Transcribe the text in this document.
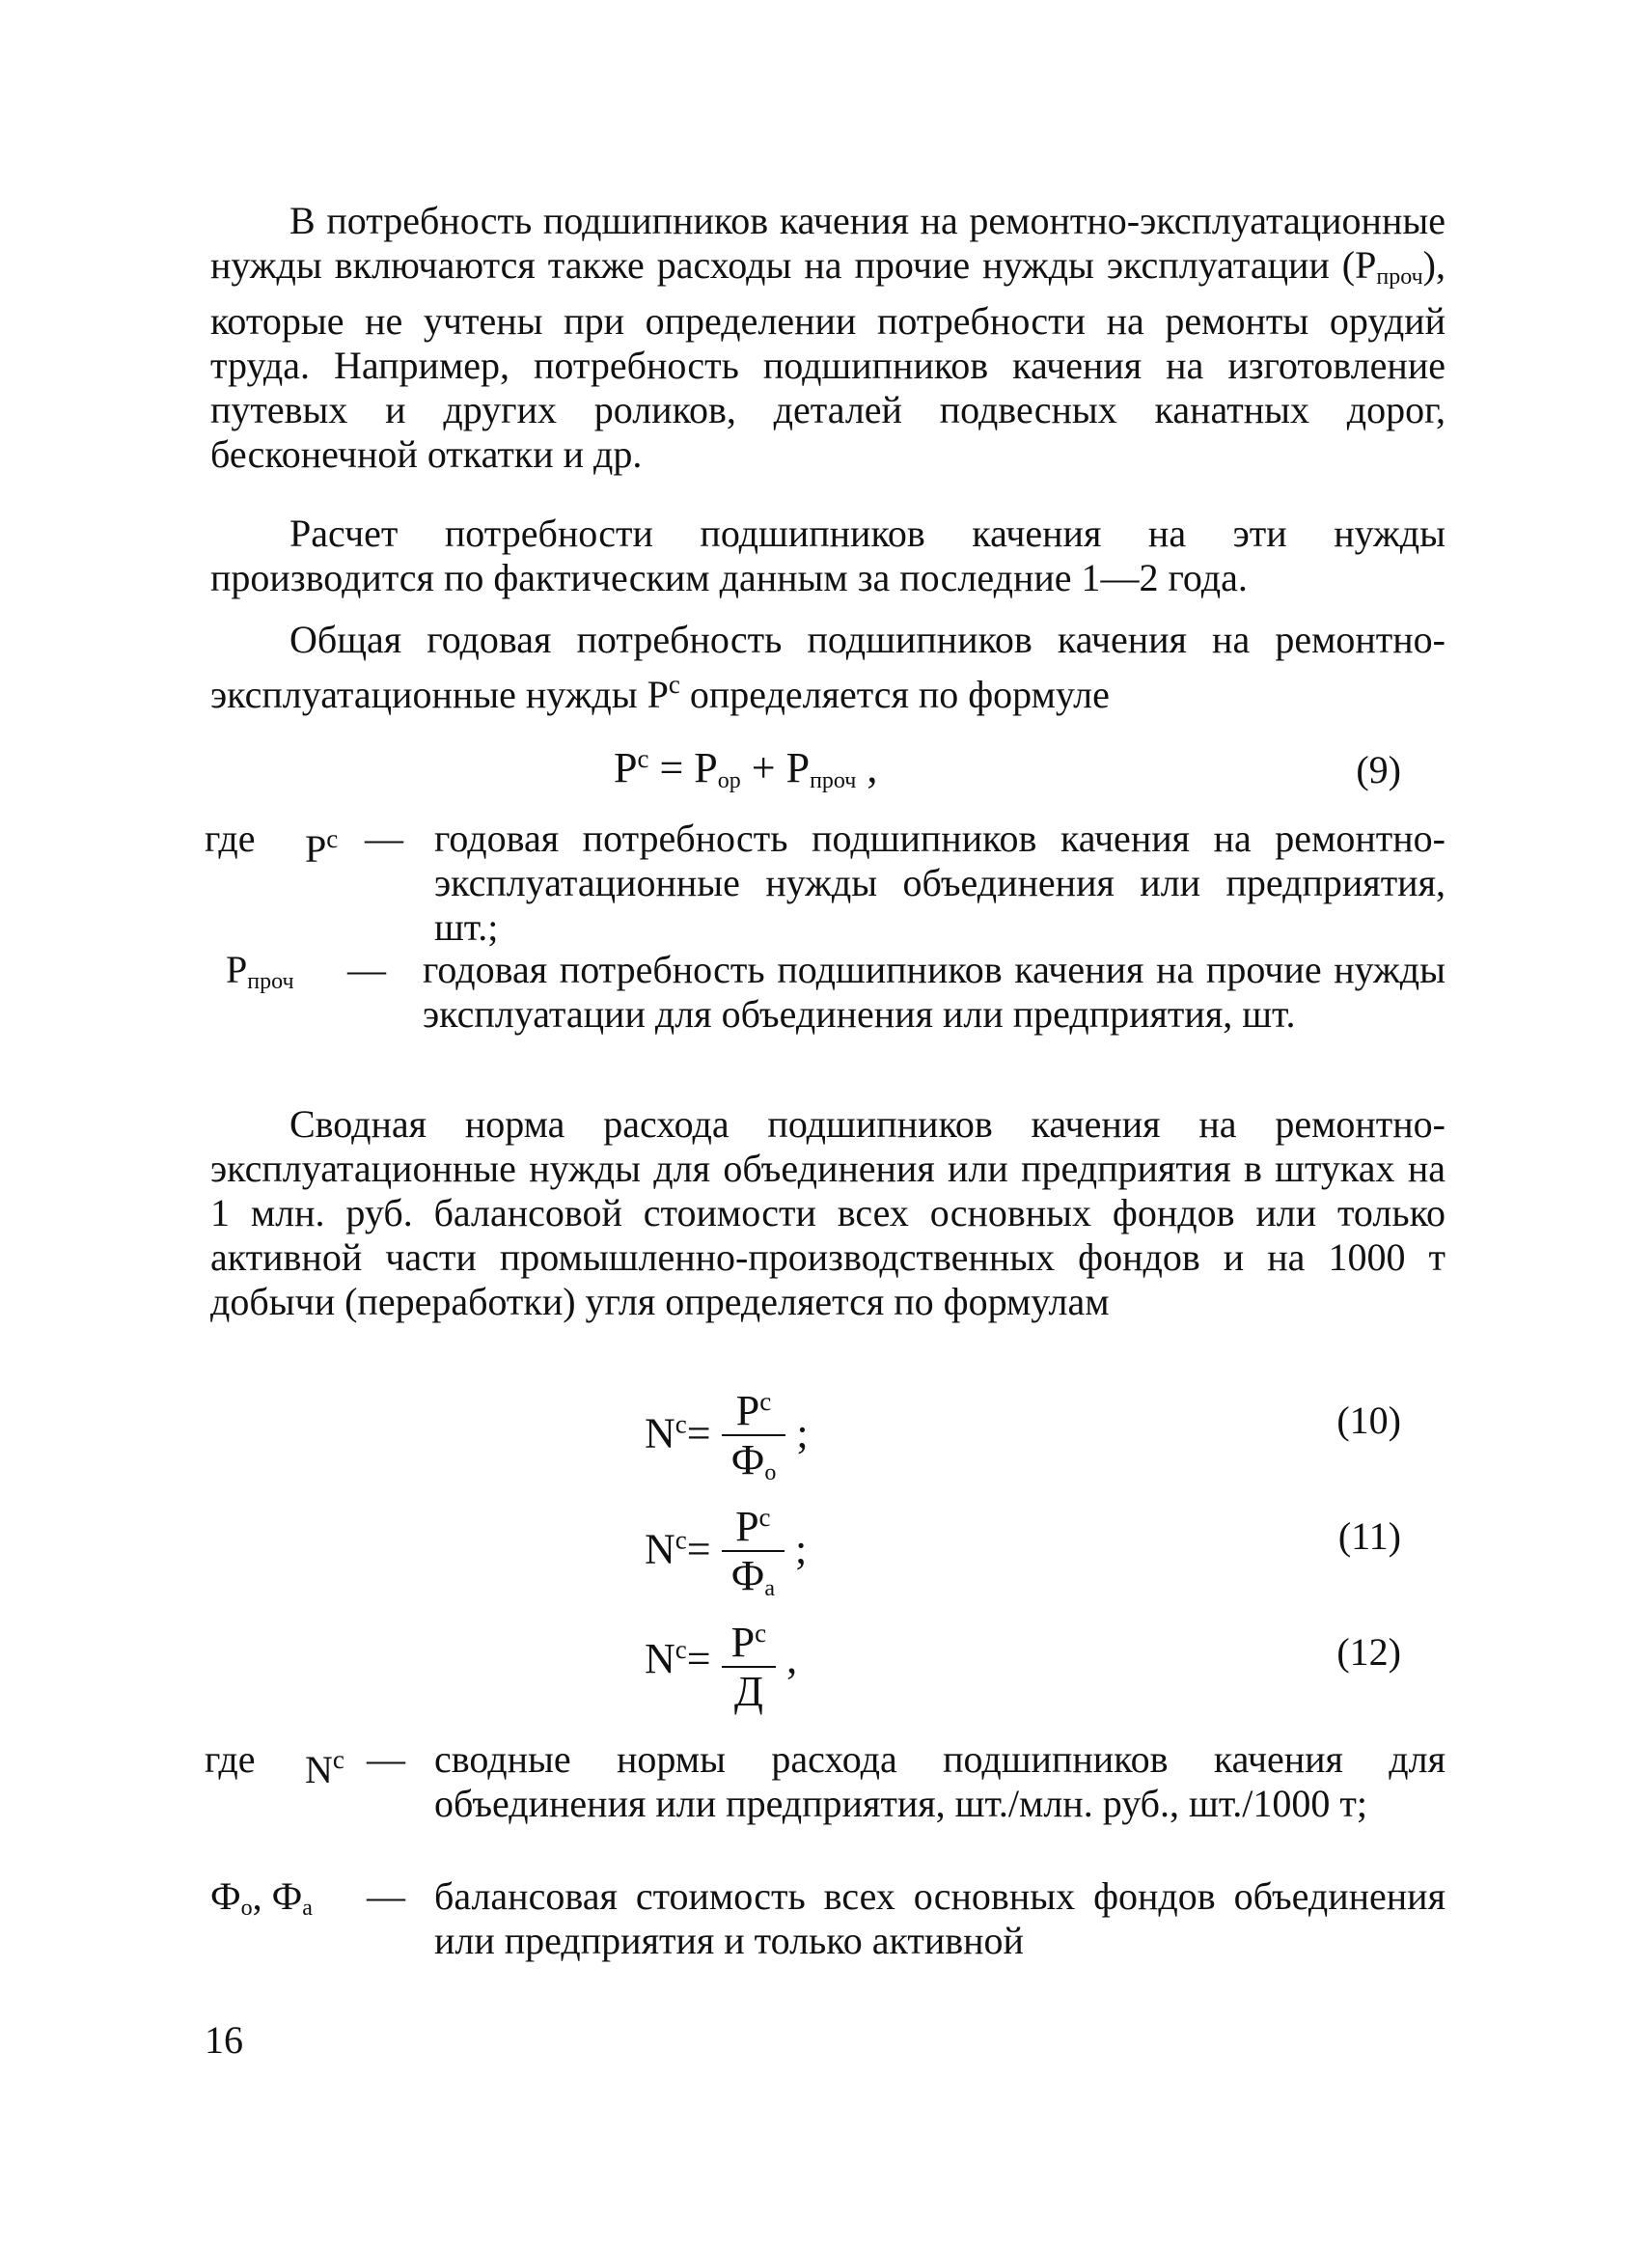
В потребность подшипников качения на ремонтно-эксплуатационные нужды включаются также расходы на прочие нужды эксплуатации $(Р_{проч})$, которые не учтены при определении потребности на ремонты орудий труда. Например, потребность подшипников качения на изготовление путевых и других роликов, деталей подвесных канатных дорог, бесконечной откатки и др.

Расчет потребности подшипников качения на эти нужды производится по фактическим данным за последние 1—2 года.

Общая годовая потребность подшипников качения на ремонтно-эксплуатационные нужды $Р^с$ определяется по формуле

$Р^с = Р_{ор} + Р_{проч}$ ,	(9)
где $Р^с$ — годовая потребность подшипников качения на ремонтно-эксплуатационные нужды объединения или предприятия, шт.;
$Р_{проч}$ — годовая потребность подшипников качения на прочие нужды эксплуатации для объединения или предприятия, шт.

Сводная норма расхода подшипников качения на ремонтно-эксплуатационные нужды для объединения или предприятия в штуках на 1 млн. руб. балансовой стоимости всех основных фондов или только активной части промышленно-производственных фондов и на 1000 т добычи (переработки) угля определяется по формулам

$N^с= \frac{Р^с}{Ф_о}$ ;	(10)
$N^с= \frac{Р^с}{Ф_а}$ ;	(11)
$N^с= \frac{Р^с}{Д}$ ,	(12)
где $N^с$ — сводные нормы расхода подшипников качения для объединения или предприятия, шт./млн. руб., шт./1000 т;
$Ф_о$, $Ф_а$ — балансовая стоимость всех основных фондов объединения или предприятия и только активной
16
